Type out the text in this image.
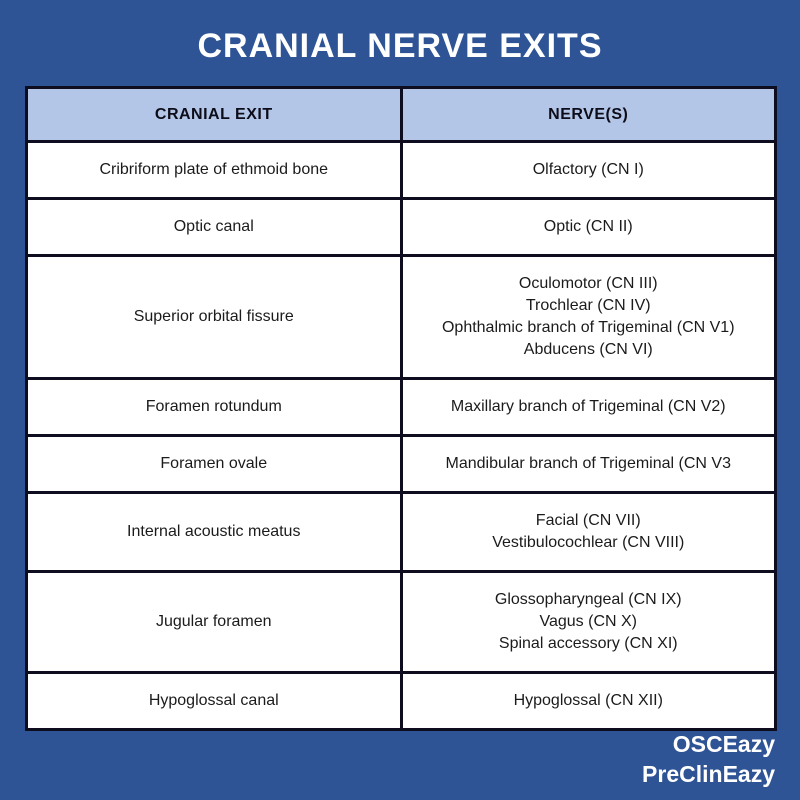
CRANIAL NERVE EXITS
CRANIAL EXIT	NERVE(S)
Cribriform plate of ethmoid bone	Olfactory (CN I)

Optic canal	Optic (CN II)

Superior orbital fissure	Oculomotor (CN III)
Trochlear (CN IV)
Ophthalmic branch of Trigeminal (CN V1)
Abducens (CN VI)

Foramen rotundum	Maxillary branch of Trigeminal (CN V2)

Foramen ovale	Mandibular branch of Trigeminal (CN V3

Internal acoustic meatus	Facial (CN VII)
Vestibulocochlear (CN VIII)

Jugular foramen	Glossopharyngeal (CN IX)
Vagus (CN X)
Spinal accessory (CN XI)

Hypoglossal canal	Hypoglossal (CN XII)
OSCEazy
PreClinEazy
